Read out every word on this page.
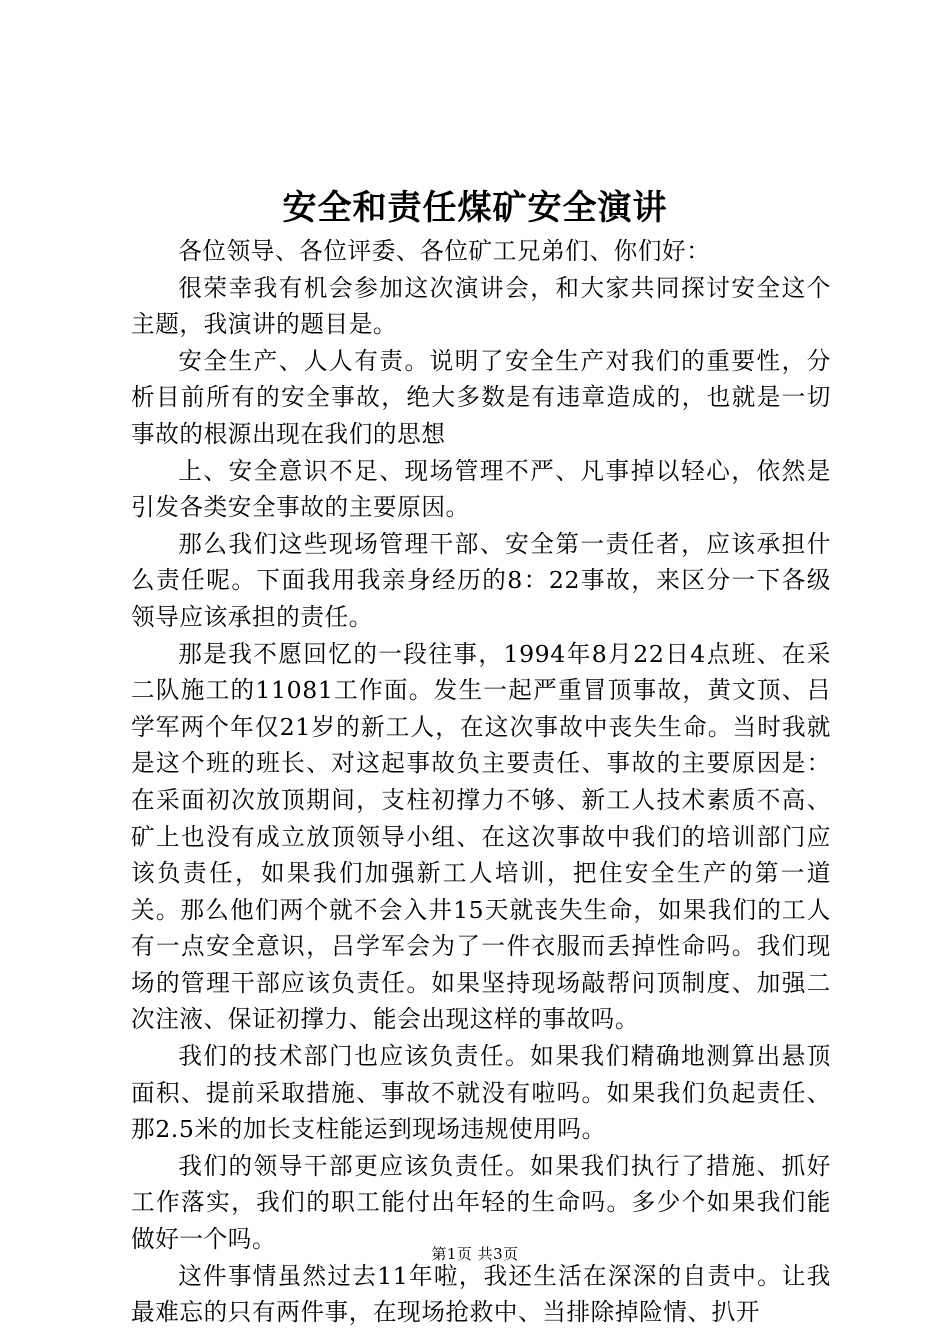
安全和责任煤矿安全演讲

各位领导、各位评委、各位矿工兄弟们、你们好：

很荣幸我有机会参加这次演讲会，和大家共同探讨安全这个主题，我演讲的题目是。

安全生产、人人有责。说明了安全生产对我们的重要性，分析目前所有的安全事故，绝大多数是有违章造成的，也就是一切事故的根源出现在我们的思想

上、安全意识不足、现场管理不严、凡事掉以轻心，依然是引发各类安全事故的主要原因。

那么我们这些现场管理干部、安全第一责任者，应该承担什么责任呢。下面我用我亲身经历的8：22事故，来区分一下各级领导应该承担的责任。

那是我不愿回忆的一段往事，1994年8月22日4点班、在采二队施工的11081工作面。发生一起严重冒顶事故，黄文顶、吕学军两个年仅21岁的新工人，在这次事故中丧失生命。当时我就是这个班的班长、对这起事故负主要责任、事故的主要原因是：在采面初次放顶期间，支柱初撑力不够、新工人技术素质不高、矿上也没有成立放顶领导小组、在这次事故中我们的培训部门应该负责任，如果我们加强新工人培训，把住安全生产的第一道关。那么他们两个就不会入井15天就丧失生命，如果我们的工人有一点安全意识，吕学军会为了一件衣服而丢掉性命吗。我们现场的管理干部应该负责任。如果坚持现场敲帮问顶制度、加强二次注液、保证初撑力、能会出现这样的事故吗。

我们的技术部门也应该负责任。如果我们精确地测算出悬顶面积、提前采取措施、事故不就没有啦吗。如果我们负起责任、那2.5米的加长支柱能运到现场违规使用吗。

我们的领导干部更应该负责任。如果我们执行了措施、抓好工作落实，我们的职工能付出年轻的生命吗。多少个如果我们能做好一个吗。

这件事情虽然过去11年啦，我还生活在深深的自责中。让我最难忘的只有两件事，在现场抢救中、当排除掉险情、扒开

第1页 共3页
